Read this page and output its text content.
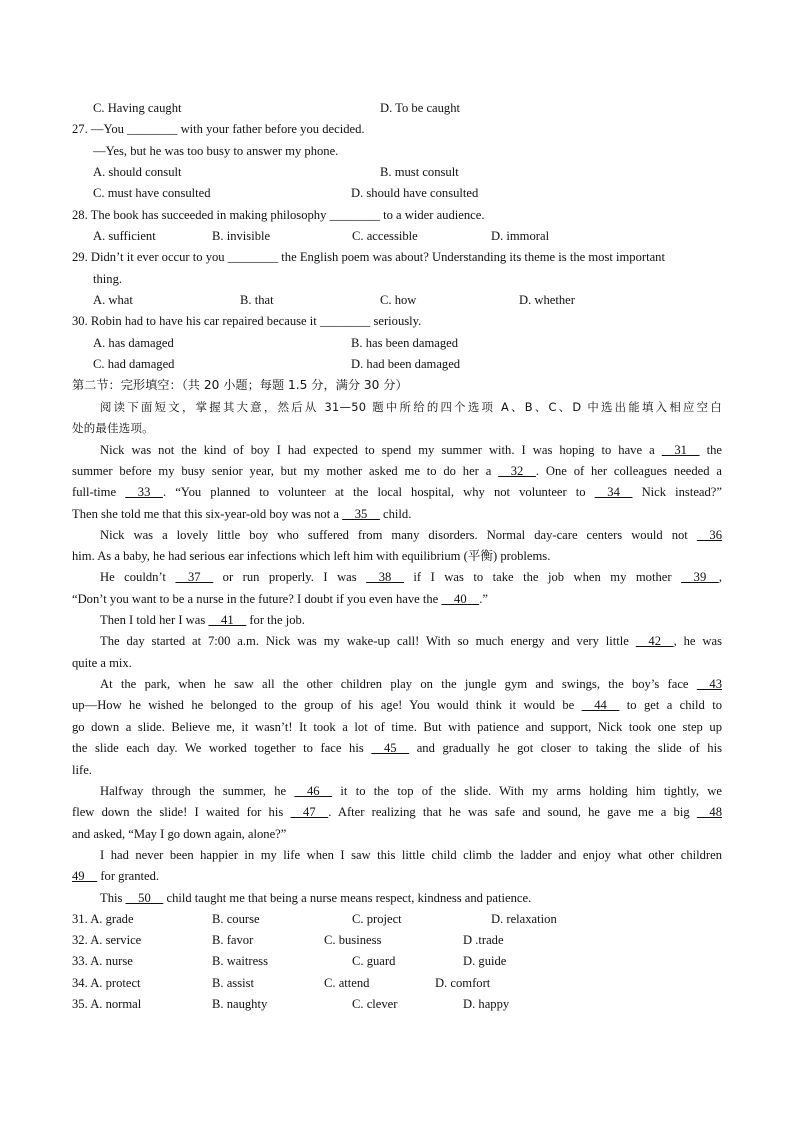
C. Having caught	D. To be caught
27. —You ________ with your father before you decided.
—Yes, but he was too busy to answer my phone.
A. should consult	B. must consult
C. must have consulted	D. should have consulted
28. The book has succeeded in making philosophy ________ to a wider audience.
A. sufficient	B. invisible	C. accessible	D. immoral
29. Didn’t it ever occur to you ________ the English poem was about? Understanding its theme is the most important
thing.
A. what	B. that	C. how	D. whether
30. Robin had to have his car repaired because it ________ seriously.
A. has damaged	B. has been damaged
C. had damaged	D. had been damaged
第二节：完形填空：（共 20 小题；每题 1.5 分，满分 30 分）
阅读下面短文，掌握其大意，然后从 31—50 题中所给的四个选项 A、B、C、D 中选出能填入相应空白
处的最佳选项。
Nick was not the kind of boy I had expected to spend my summer with. I was hoping to have a   31   the
summer before my busy senior year, but my mother asked me to do her a   32  . One of her colleagues needed a
full-time   33  . “You planned to volunteer at the local hospital, why not volunteer to   34   Nick instead?”
Then she told me that this six-year-old boy was not a   35   child.
Nick was a lovely little boy who suffered from many disorders. Normal day-care centers would not   36
him. As a baby, he had serious ear infections which left him with equilibrium (平衡) problems.
He couldn’t   37   or run properly. I was   38   if I was to take the job when my mother   39  ,
“Don’t you want to be a nurse in the future? I doubt if you even have the   40  .”
Then I told her I was   41   for the job.
The day started at 7:00 a.m. Nick was my wake-up call! With so much energy and very little   42  , he was
quite a mix.
At the park, when he saw all the other children play on the jungle gym and swings, the boy’s face   43
up—How he wished he belonged to the group of his age! You would think it would be   44   to get a child to
go down a slide. Believe me, it wasn’t! It took a lot of time. But with patience and support, Nick took one step up
the slide each day. We worked together to face his   45   and gradually he got closer to taking the slide of his
life.
Halfway through the summer, he   46   it to the top of the slide. With my arms holding him tightly, we
flew down the slide! I waited for his   47  . After realizing that he was safe and sound, he gave me a big   48
and asked, “May I go down again, alone?”
I had never been happier in my life when I saw this little child climb the ladder and enjoy what other children
49   for granted.
This   50   child taught me that being a nurse means respect, kindness and patience.
31. A. grade	B. course	C. project	D. relaxation
32. A. service	B. favor	C. business	D .trade
33. A. nurse	B. waitress	C. guard	D. guide
34. A. protect	B. assist	C. attend	D. comfort
35. A. normal	B. naughty	C. clever	D. happy
